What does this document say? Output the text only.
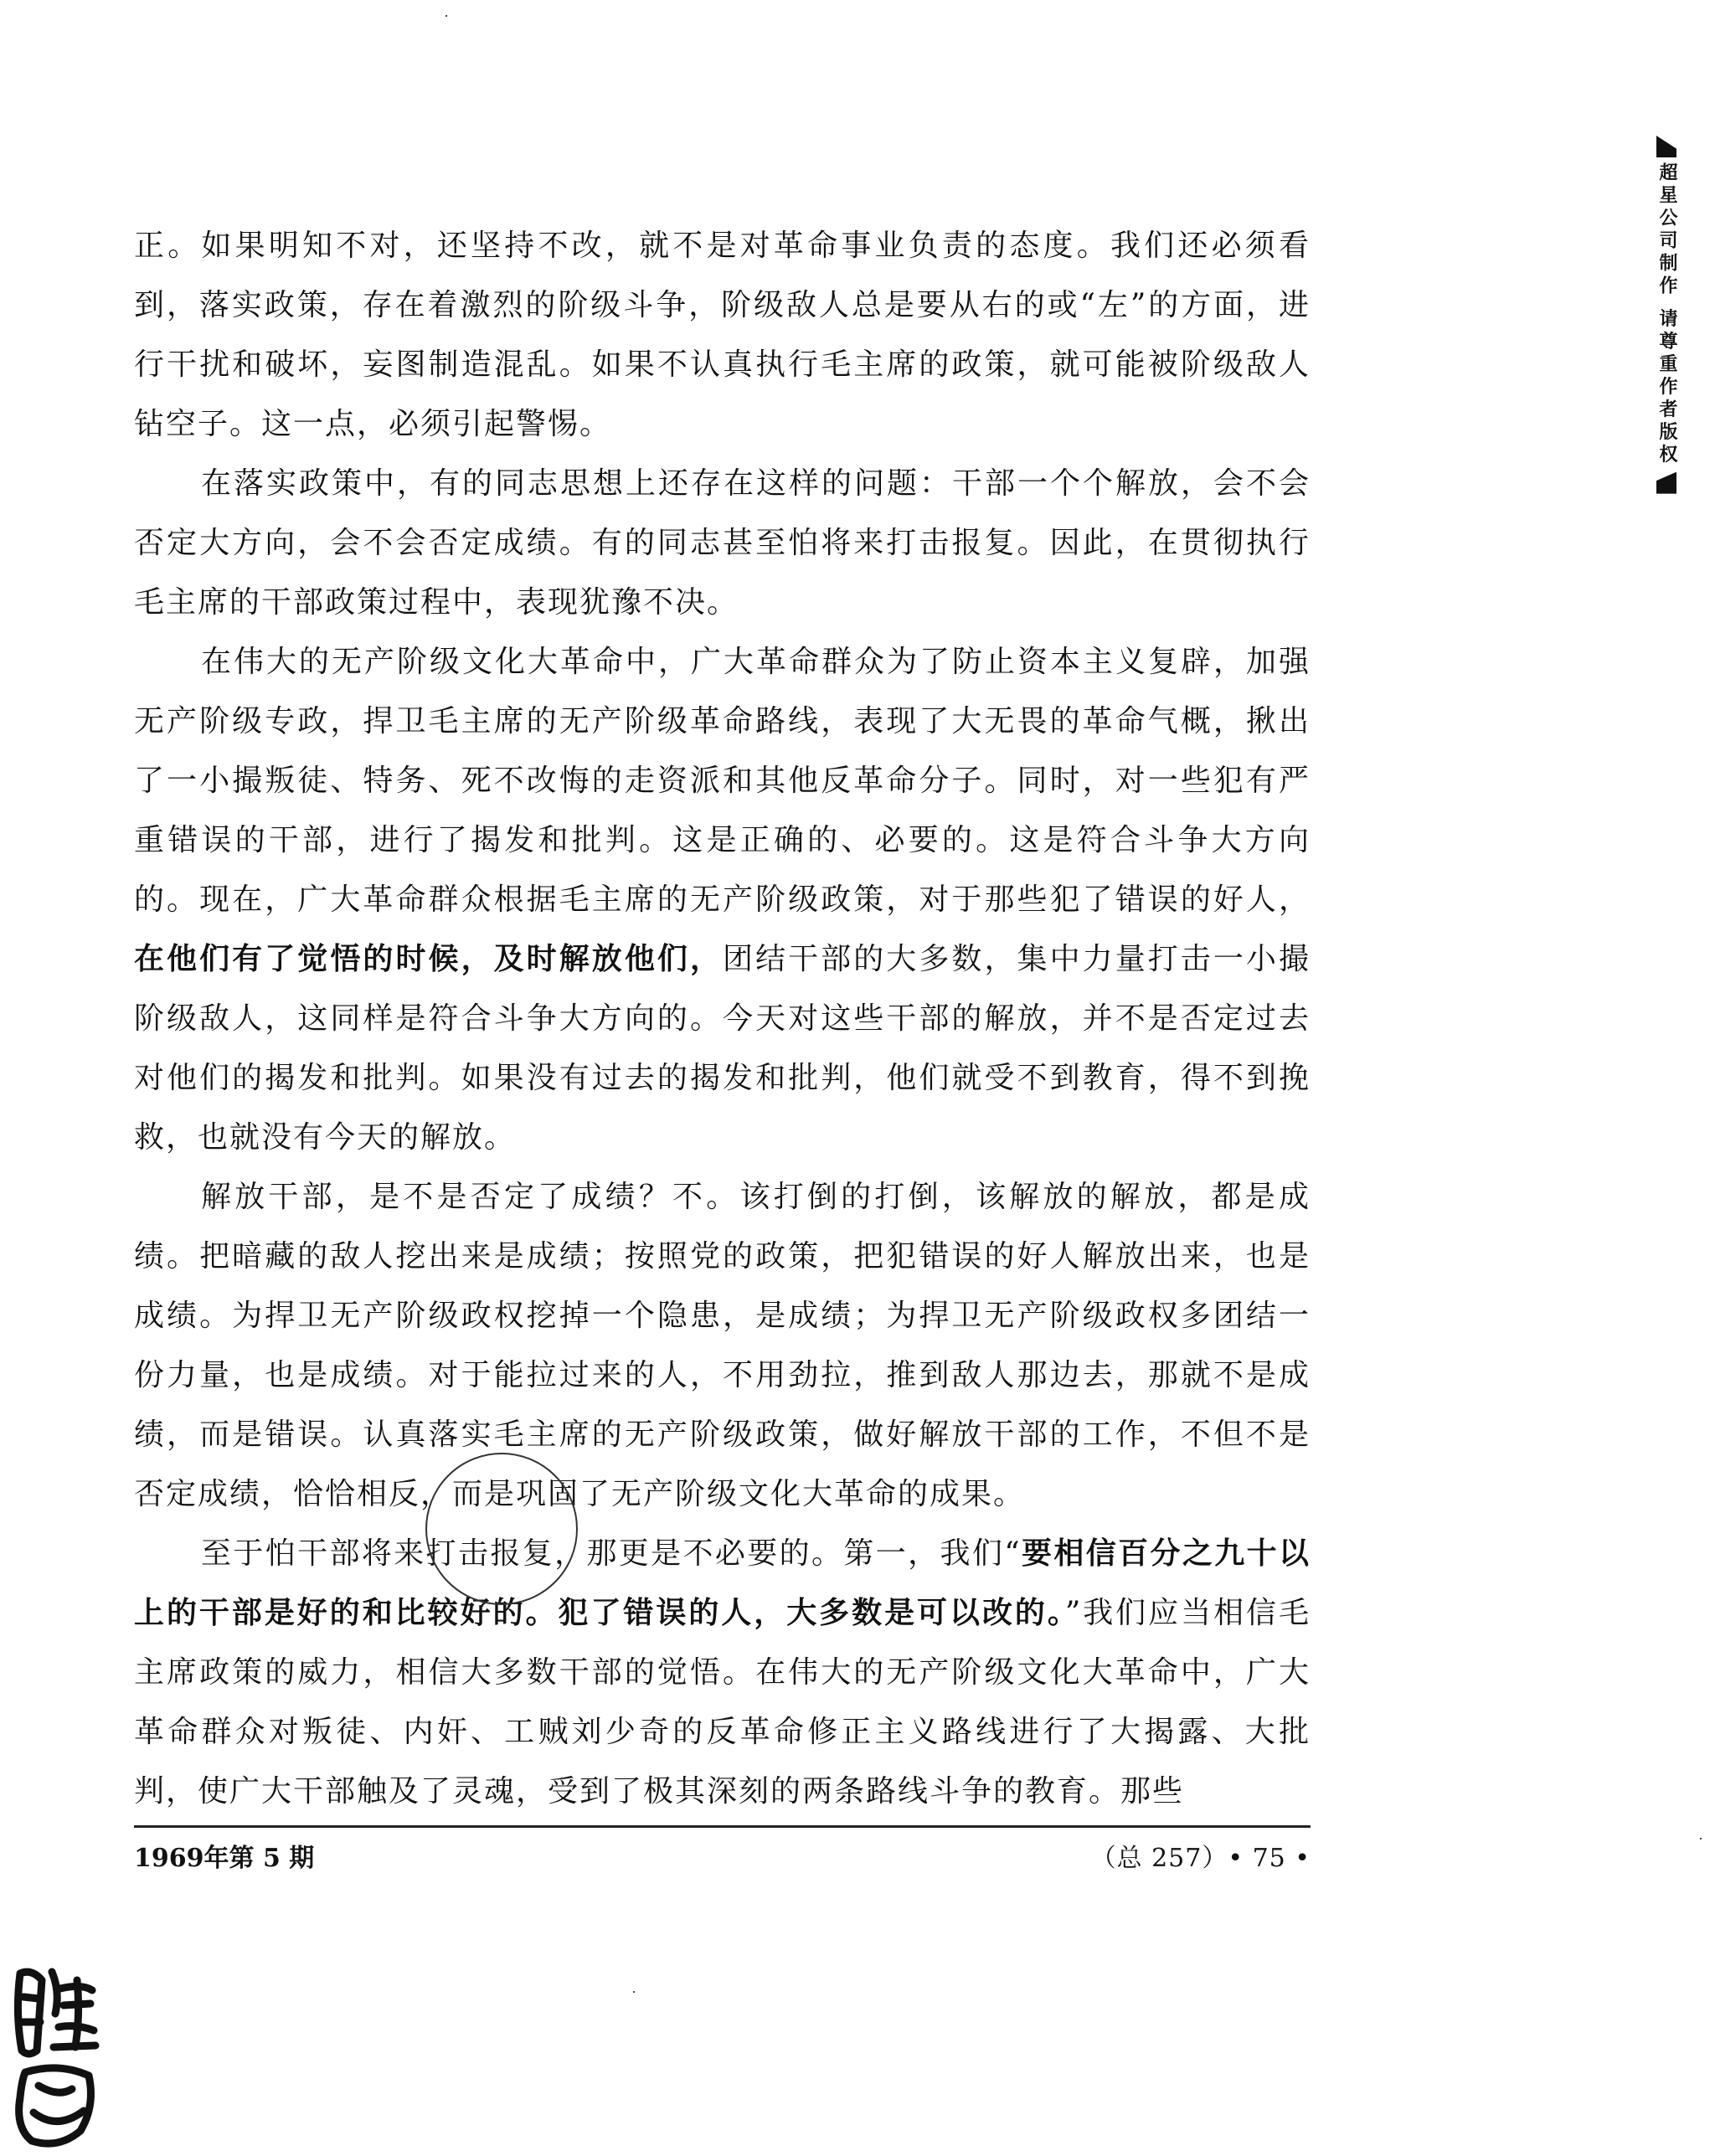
正。如果明知不对，还坚持不改，就不是对革命事业负责的态度。我们还必须看到，落实政策，存在着激烈的阶级斗争，阶级敌人总是要从右的或“左”的方面，进行干扰和破坏，妄图制造混乱。如果不认真执行毛主席的政策，就可能被阶级敌人钻空子。这一点，必须引起警惕。

在落实政策中，有的同志思想上还存在这样的问题：干部一个个解放，会不会否定大方向，会不会否定成绩。有的同志甚至怕将来打击报复。因此，在贯彻执行毛主席的干部政策过程中，表现犹豫不决。

在伟大的无产阶级文化大革命中，广大革命群众为了防止资本主义复辟，加强无产阶级专政，捍卫毛主席的无产阶级革命路线，表现了大无畏的革命气概，揪出了一小撮叛徒、特务、死不改悔的走资派和其他反革命分子。同时，对一些犯有严重错误的干部，进行了揭发和批判。这是正确的、必要的。这是符合斗争大方向的。现在，广大革命群众根据毛主席的无产阶级政策，对于那些犯了错误的好人，在他们有了觉悟的时候，及时解放他们，团结干部的大多数，集中力量打击一小撮阶级敌人，这同样是符合斗争大方向的。今天对这些干部的解放，并不是否定过去对他们的揭发和批判。如果没有过去的揭发和批判，他们就受不到教育，得不到挽救，也就没有今天的解放。

解放干部，是不是否定了成绩？不。该打倒的打倒，该解放的解放，都是成绩。把暗藏的敌人挖出来是成绩；按照党的政策，把犯错误的好人解放出来，也是成绩。为捍卫无产阶级政权挖掉一个隐患，是成绩；为捍卫无产阶级政权多团结一份力量，也是成绩。对于能拉过来的人，不用劲拉，推到敌人那边去，那就不是成绩，而是错误。认真落实毛主席的无产阶级政策，做好解放干部的工作，不但不是否定成绩，恰恰相反，而是巩固了无产阶级文化大革命的成果。

至于怕干部将来打击报复，那更是不必要的。第一，我们“要相信百分之九十以上的干部是好的和比较好的。犯了错误的人，大多数是可以改的。”我们应当相信毛主席政策的威力，相信大多数干部的觉悟。在伟大的无产阶级文化大革命中，广大革命群众对叛徒、内奸、工贼刘少奇的反革命修正主义路线进行了大揭露、大批判，使广大干部触及了灵魂，受到了极其深刻的两条路线斗争的教育。那些

1969年第 5 期	（总 257）• 75 •
超星公司制作 请尊重作者版权
